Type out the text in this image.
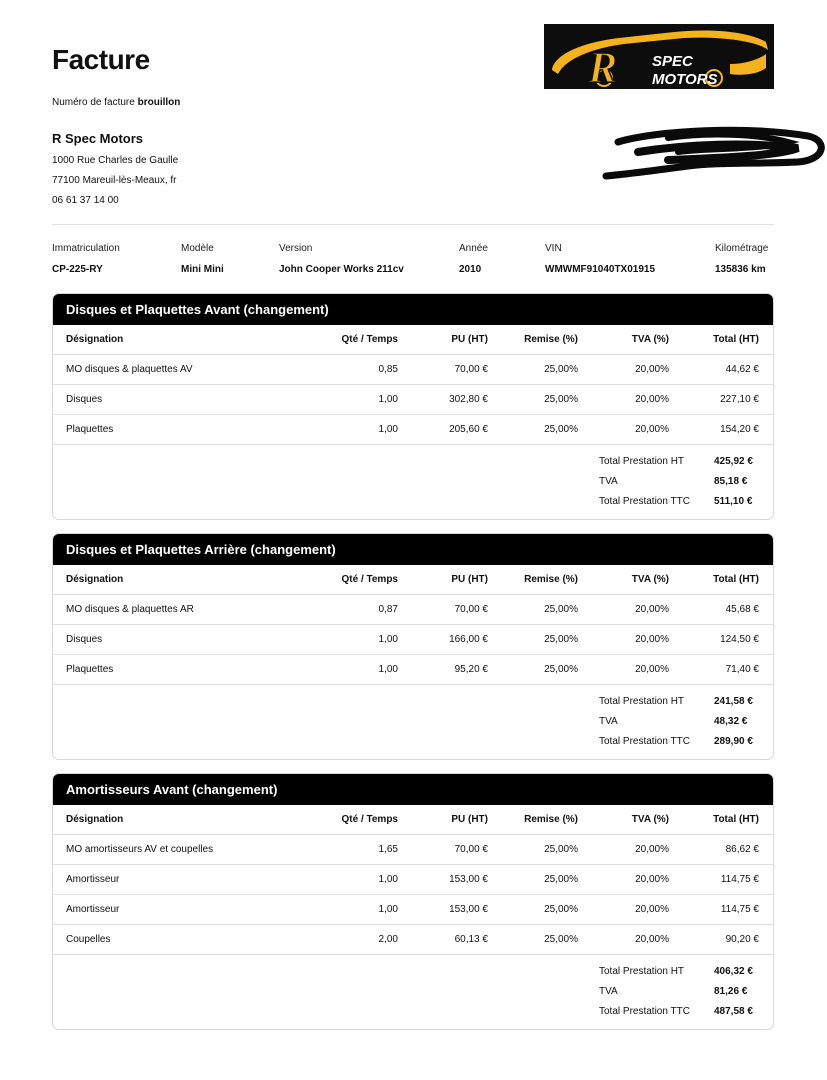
Facture
Numéro de facture brouillon
R Spec Motors
1000 Rue Charles de Gaulle
77100 Mareuil-lès-Meaux, fr
06 61 37 14 00
R SPEC
MOTORS
Immatriculation	Modèle	Version	Année	VIN	Kilométrage
CP-225-RY	Mini Mini	John Cooper Works 211cv	2010	WMWMF91040TX01915	135836 km
Disques et Plaquettes Avant (changement)
Désignation	Qté / Temps	PU (HT)	Remise (%)	TVA (%)	Total (HT)
MO disques & plaquettes AV	0,85	70,00 €	25,00%	20,00%	44,62 €
Disques	1,00	302,80 €	25,00%	20,00%	227,10 €
Plaquettes	1,00	205,60 €	25,00%	20,00%	154,20 €
Total Prestation HT	425,92 €
TVA	85,18 €
Total Prestation TTC 511,10 €
Disques et Plaquettes Arrière (changement)
Désignation	Qté / Temps	PU (HT)	Remise (%)	TVA (%)	Total (HT)
MO disques & plaquettes AR	0,87	70,00 €	25,00%	20,00%	45,68 €
Disques	1,00	166,00 €	25,00%	20,00%	124,50 €
Plaquettes	1,00	95,20 €	25,00%	20,00%	71,40 €
Total Prestation HT	241,58 €
TVA	48,32 €
Total Prestation TTC 289,90 €
Amortisseurs Avant (changement)
Désignation	Qté / Temps	PU (HT)	Remise (%)	TVA (%)	Total (HT)
MO amortisseurs AV et coupelles	1,65	70,00 €	25,00%	20,00%	86,62 €
Amortisseur	1,00	153,00 €	25,00%	20,00%	114,75 €
Amortisseur	1,00	153,00 €	25,00%	20,00%	114,75 €
Coupelles	2,00	60,13 €	25,00%	20,00%	90,20 €
Total Prestation HT	406,32 €
TVA	81,26 €
Total Prestation TTC 487,58 €
